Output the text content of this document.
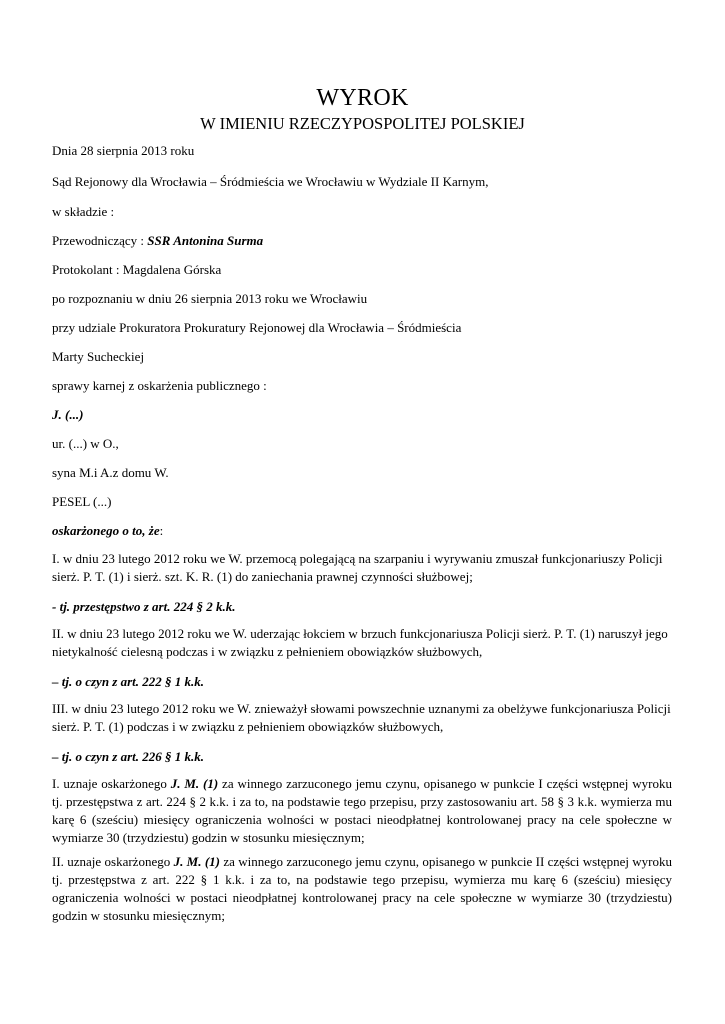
WYROK
W IMIENIU RZECZYPOSPOLITEJ POLSKIEJ
Dnia 28 sierpnia 2013 roku
Sąd Rejonowy dla Wrocławia – Śródmieścia we Wrocławiu w Wydziale II Karnym,
w składzie :
Przewodniczący : SSR Antonina Surma
Protokolant : Magdalena Górska
po rozpoznaniu w dniu 26 sierpnia 2013 roku we Wrocławiu
przy udziale Prokuratora Prokuratury Rejonowej dla Wrocławia – Śródmieścia
Marty Sucheckiej
sprawy karnej z oskarżenia publicznego :
J. (...)
ur. (...) w O.,
syna M.i A.z domu W.
PESEL (...)
oskarżonego o to, że:
I. w dniu 23 lutego 2012 roku we W. przemocą polegającą na szarpaniu i wyrywaniu zmuszał funkcjonariuszy Policji sierż. P. T. (1) i sierż. szt. K. R. (1) do zaniechania prawnej czynności służbowej;
- tj. przestępstwo z art. 224 § 2 k.k.
II. w dniu 23 lutego 2012 roku we W. uderzając łokciem w brzuch funkcjonariusza Policji sierż. P. T. (1) naruszył jego nietykalność cielesną podczas i w związku z pełnieniem obowiązków służbowych,
– tj. o czyn z art. 222 § 1 k.k.
III. w dniu 23 lutego 2012 roku we W. znieważył słowami powszechnie uznanymi za obelżywe funkcjonariusza Policji sierż. P. T. (1) podczas i w związku z pełnieniem obowiązków służbowych,
– tj. o czyn z art. 226 § 1 k.k.
I. uznaje oskarżonego J. M. (1) za winnego zarzuconego jemu czynu, opisanego w punkcie I części wstępnej wyroku tj. przestępstwa z art. 224 § 2 k.k. i za to, na podstawie tego przepisu, przy zastosowaniu art. 58 § 3 k.k. wymierza mu karę 6 (sześciu) miesięcy ograniczenia wolności w postaci nieodpłatnej kontrolowanej pracy na cele społeczne w wymiarze 30 (trzydziestu) godzin w stosunku miesięcznym;
II. uznaje oskarżonego J. M. (1) za winnego zarzuconego jemu czynu, opisanego w punkcie II części wstępnej wyroku tj. przestępstwa z art. 222 § 1 k.k. i za to, na podstawie tego przepisu, wymierza mu karę 6 (sześciu) miesięcy ograniczenia wolności w postaci nieodpłatnej kontrolowanej pracy na cele społeczne w wymiarze 30 (trzydziestu) godzin w stosunku miesięcznym;
